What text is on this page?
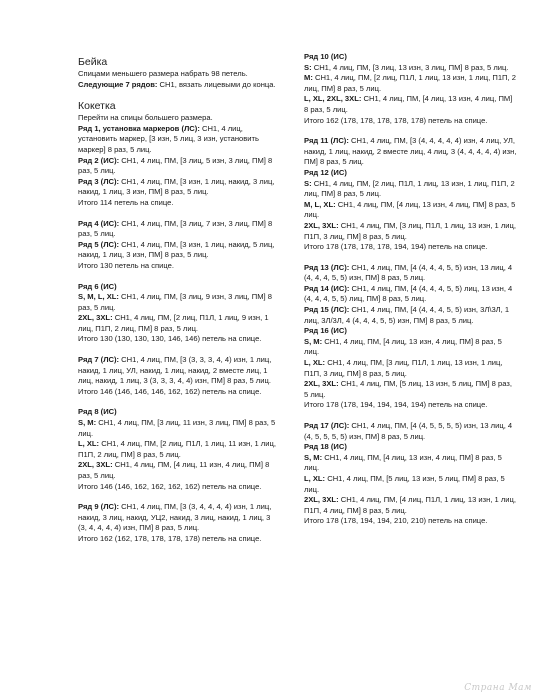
Бейка

Спицами меньшего размера набрать 98 петель.

Следующие 7 рядов: СН1, вязать лицевыми до конца.

Кокетка

Перейти на спицы большего размера.

Ряд 1, установка маркеров (ЛС): СН1, 4 лиц, установить маркер, [3 изн, 5 лиц, 3 изн, установить маркер] 8 раз, 5 лиц.

Ряд 2 (ИС): СН1, 4 лиц, ПМ, [3 лиц, 5 изн, 3 лиц, ПМ] 8 раз, 5 лиц.

Ряд 3 (ЛС): СН1, 4 лиц, ПМ, [3 изн, 1 лиц, накид, 3 лиц, накид, 1 лиц, 3 изн, ПМ] 8 раз, 5 лиц.

Итого 114 петель на спице.

Ряд 4 (ИС): СН1, 4 лиц, ПМ, [3 лиц, 7 изн, 3 лиц, ПМ] 8 раз, 5 лиц.

Ряд 5 (ЛС): СН1, 4 лиц, ПМ, [3 изн, 1 лиц, накид, 5 лиц, накид, 1 лиц, 3 изн, ПМ] 8 раз, 5 лиц.

Итого 130 петель на спице.

Ряд 6 (ИС)

S, M, L, XL: СН1, 4 лиц, ПМ, [3 лиц, 9 изн, 3 лиц, ПМ] 8 раз, 5 лиц.

2XL, 3XL: СН1, 4 лиц, ПМ, [2 лиц, П1Л, 1 лиц, 9 изн, 1 лиц, П1П, 2 лиц, ПМ] 8 раз, 5 лиц.

Итого 130 (130, 130, 130, 146, 146) петель на спице.

Ряд 7 (ЛС): СН1, 4 лиц, ПМ, [3 (3, 3, 3, 4, 4) изн, 1 лиц, накид, 1 лиц, УЛ, накид, 1 лиц, накид, 2 вместе лиц, 1 лиц, накид, 1 лиц, 3 (3, 3, 3, 4, 4) изн, ПМ] 8 раз, 5 лиц.

Итого 146 (146, 146, 146, 162, 162) петель на спице.

Ряд 8 (ИС)

S, M: СН1, 4 лиц, ПМ, [3 лиц, 11 изн, 3 лиц, ПМ] 8 раз, 5 лиц.

L, XL: СН1, 4 лиц, ПМ, [2 лиц, П1Л, 1 лиц, 11 изн, 1 лиц, П1П, 2 лиц, ПМ] 8 раз, 5 лиц.

2XL, 3XL: СН1, 4 лиц, ПМ, [4 лиц, 11 изн, 4 лиц, ПМ] 8 раз, 5 лиц.

Итого 146 (146, 162, 162, 162, 162) петель на спице.

Ряд 9 (ЛС): СН1, 4 лиц, ПМ, [3 (3, 4, 4, 4, 4) изн, 1 лиц, накид, 3 лиц, накид, УЦ2, накид, 3 лиц, накид, 1 лиц, 3 (3, 4, 4, 4, 4) изн, ПМ] 8 раз, 5 лиц.

Итого 162 (162, 178, 178, 178, 178) петель на спице.

Ряд 10 (ИС)

S: СН1, 4 лиц, ПМ, [3 лиц, 13 изн, 3 лиц, ПМ] 8 раз, 5 лиц.

M: СН1, 4 лиц, ПМ, [2 лиц, П1Л, 1 лиц, 13 изн, 1 лиц, П1П, 2 лиц, ПМ] 8 раз, 5 лиц.

L, XL, 2XL, 3XL: СН1, 4 лиц, ПМ, [4 лиц, 13 изн, 4 лиц, ПМ] 8 раз, 5 лиц.

Итого 162 (178, 178, 178, 178, 178) петель на спице.

Ряд 11 (ЛС): СН1, 4 лиц, ПМ, [3 (4, 4, 4, 4, 4) изн, 4 лиц, УЛ, накид, 1 лиц, накид, 2 вместе лиц, 4 лиц, 3 (4, 4, 4, 4, 4) изн, ПМ] 8 раз, 5 лиц.

Ряд 12 (ИС)

S: СН1, 4 лиц, ПМ, [2 лиц, П1Л, 1 лиц, 13 изн, 1 лиц, П1П, 2 лиц, ПМ] 8 раз, 5 лиц.

M, L, XL: СН1, 4 лиц, ПМ, [4 лиц, 13 изн, 4 лиц, ПМ] 8 раз, 5 лиц.

2XL, 3XL: СН1, 4 лиц, ПМ, [3 лиц, П1Л, 1 лиц, 13 изн, 1 лиц, П1П, 3 лиц, ПМ] 8 раз, 5 лиц.

Итого 178 (178, 178, 178, 194, 194) петель на спице.

Ряд 13 (ЛС): СН1, 4 лиц, ПМ, [4 (4, 4, 4, 5, 5) изн, 13 лиц, 4 (4, 4, 4, 5, 5) изн, ПМ] 8 раз, 5 лиц.

Ряд 14 (ИС): СН1, 4 лиц, ПМ, [4 (4, 4, 4, 5, 5) лиц, 13 изн, 4 (4, 4, 4, 5, 5) лиц, ПМ] 8 раз, 5 лиц.

Ряд 15 (ЛС): СН1, 4 лиц, ПМ, [4 (4, 4, 4, 5, 5) изн, 3Л\3Л, 1 лиц, 3Л/3Л, 4 (4, 4, 4, 5, 5) изн, ПМ] 8 раз, 5 лиц.

Ряд 16 (ИС)

S, M: СН1, 4 лиц, ПМ, [4 лиц, 13 изн, 4 лиц, ПМ] 8 раз, 5 лиц.

L, XL: СН1, 4 лиц, ПМ, [3 лиц, П1Л, 1 лиц, 13 изн, 1 лиц, П1П, 3 лиц, ПМ] 8 раз, 5 лиц.

2XL, 3XL: СН1, 4 лиц, ПМ, [5 лиц, 13 изн, 5 лиц, ПМ] 8 раз, 5 лиц.

Итого 178 (178, 194, 194, 194, 194) петель на спице.

Ряд 17 (ЛС): СН1, 4 лиц, ПМ, [4 (4, 5, 5, 5, 5) изн, 13 лиц, 4 (4, 5, 5, 5, 5) изн, ПМ] 8 раз, 5 лиц.

Ряд 18 (ИС)

S, M: СН1, 4 лиц, ПМ, [4 лиц, 13 изн, 4 лиц, ПМ] 8 раз, 5 лиц.

L, XL: СН1, 4 лиц, ПМ, [5 лиц, 13 изн, 5 лиц, ПМ] 8 раз, 5 лиц.

2XL, 3XL: СН1, 4 лиц, ПМ, [4 лиц, П1Л, 1 лиц, 13 изн, 1 лиц, П1П, 4 лиц, ПМ] 8 раз, 5 лиц.

Итого 178 (178, 194, 194, 210, 210) петель на спице.

Страна Мам
